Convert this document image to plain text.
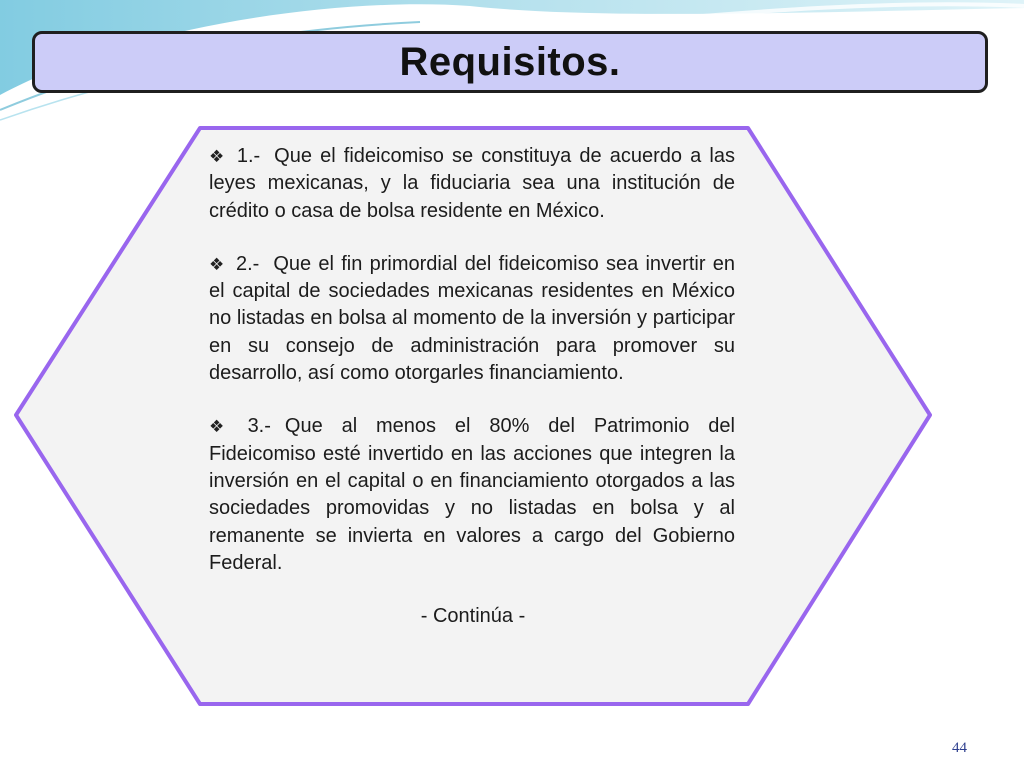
Requisitos.
❖ 1.- Que el fideicomiso se constituya de acuerdo a las leyes mexicanas, y la fiduciaria sea una institución de crédito o casa de bolsa residente en México.
❖ 2.- Que el fin primordial del fideicomiso sea invertir en el capital de sociedades mexicanas residentes en México no listadas en bolsa al momento de la inversión y participar en su consejo de administración para promover su desarrollo, así como otorgarles financiamiento.
❖ 3.- Que al menos el 80% del Patrimonio del Fideicomiso esté invertido en las acciones que integren la inversión en el capital o en financiamiento otorgados a las sociedades promovidas y no listadas en bolsa y al remanente se invierta en valores a cargo del Gobierno Federal.
- Continúa -
44
